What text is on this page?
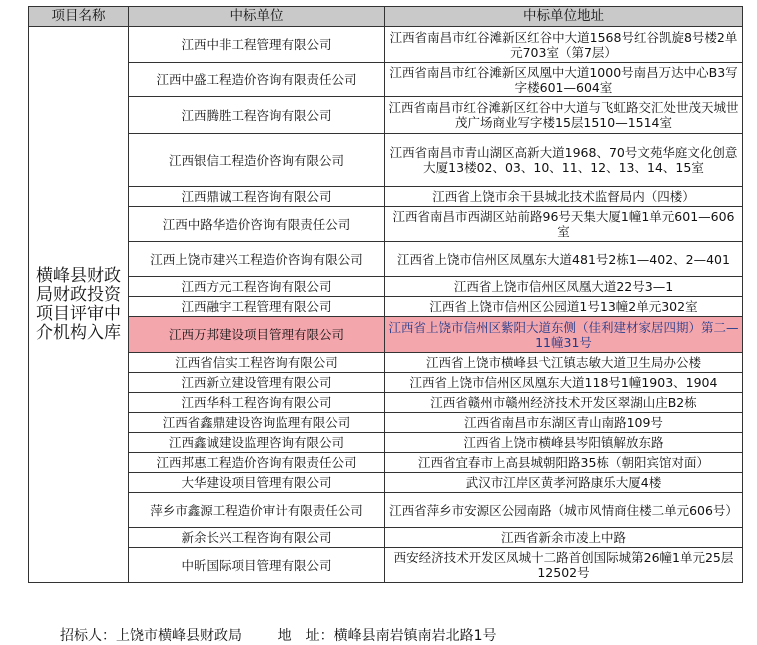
项目名称	中标单位	中标单位地址
横峰县财政局财政投资项目评审中介机构入库	江西中非工程管理有限公司	江西省南昌市红谷滩新区红谷中大道1568号红谷凯旋8号楼2单元703室（第7层）
	江西中盛工程造价咨询有限责任公司	江西省南昌市红谷滩新区凤凰中大道1000号南昌万达中心B3写字楼601—604室
	江西腾胜工程咨询有限公司	江西省南昌市红谷滩新区红谷中大道与飞虹路交汇处世茂天城世茂广场商业写字楼15层1510—1514室
	江西银信工程造价咨询有限公司	江西省南昌市青山湖区高新大道1968、70号文苑华庭文化创意大厦13楼02、03、10、11、12、13、14、15室
	江西鼎诚工程咨询有限公司	江西省上饶市余干县城北技术监督局内（四楼）
	江西中路华造价咨询有限责任公司	江西省南昌市西湖区站前路96号天集大厦1幢1单元601—606室
	江西上饶市建兴工程造价咨询有限公司	江西省上饶市信州区凤凰东大道481号2栋1—402、2—401
	江西方元工程咨询有限公司	江西省上饶市信州区凤凰大道22号3—1
	江西融宇工程管理有限公司	江西省上饶市信州区公园道1号13幢2单元302室
	江西万邦建设项目管理有限公司	江西省上饶市信州区紫阳大道东侧（佳利建材家居四期）第二—11幢31号
	江西省信实工程咨询有限公司	江西省上饶市横峰县弋江镇志敏大道卫生局办公楼
	江西新立建设管理有限公司	江西省上饶市信州区凤凰东大道118号1幢1903、1904
	江西华科工程咨询有限公司	江西省赣州市赣州经济技术开发区翠湖山庄B2栋
	江西省鑫鼎建设咨询监理有限公司	江西省南昌市东湖区青山南路109号
	江西鑫诚建设监理咨询有限公司	江西省上饶市横峰县岑阳镇解放东路
	江西邦惠工程造价咨询有限责任公司	江西省宜春市上高县城朝阳路35栋（朝阳宾馆对面）
	大华建设项目管理有限公司	武汉市江岸区黄孝河路康乐大厦4楼
	萍乡市鑫源工程造价审计有限责任公司	江西省萍乡市安源区公园南路（城市风情商住楼二单元606号）
	新余长兴工程咨询有限公司	江西省新余市凌上中路
	中昕国际项目管理有限公司	西安经济技术开发区凤城十二路首创国际城第26幢1单元25层12502号
招标人：上饶市横峰县财政局	地　址：横峰县南岩镇南岩北路1号
